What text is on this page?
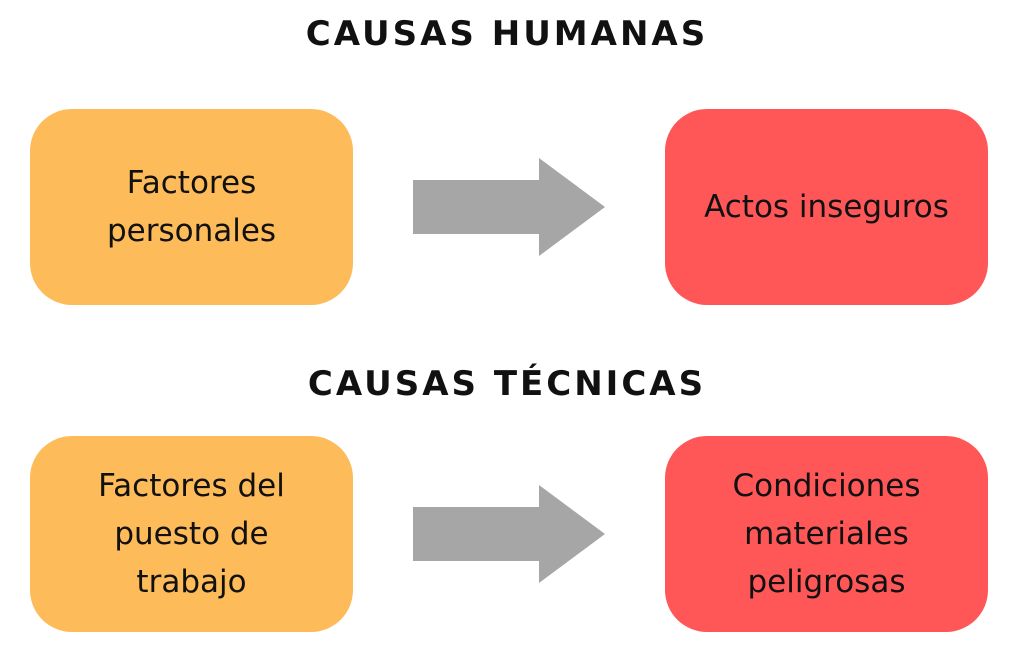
CAUSAS HUMANAS
Factores
personales
Actos inseguros
CAUSAS TÉCNICAS
Factores del
puesto de
trabajo
Condiciones
materiales
peligrosas
